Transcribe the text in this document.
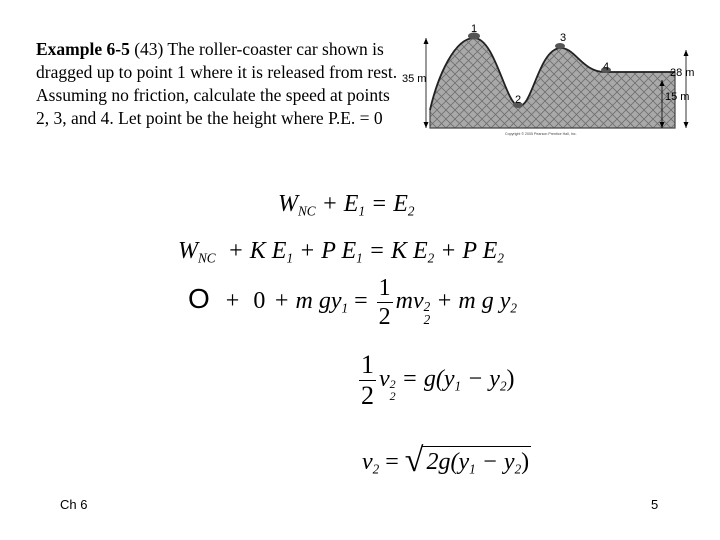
Example 6-5 (43) The roller-coaster car shown is dragged up to point 1 where it is released from rest. Assuming no friction, calculate the speed at points 2, 3, and 4. Let point be the height where P.E. = 0
1
2
3
4
35 m	28 m
15 m
Copyright © 2005 Pearson Prentice Hall, Inc.
$W_{NC} + E_1 = E_2$
$W_{NC} + K$ $E_1 + P$ $E_1 = K$ $E_2 + P$ $E_2$
O + 0 + m $gy_1 = \frac{1}{2}$ mv 2
2
+ m g $y_2$
$\frac{1}{2}$ v 2
2
= $g(y_1 - y_2)$
$v_2$ = √ $2g(y_1 - y_2)$
Ch 6	5
